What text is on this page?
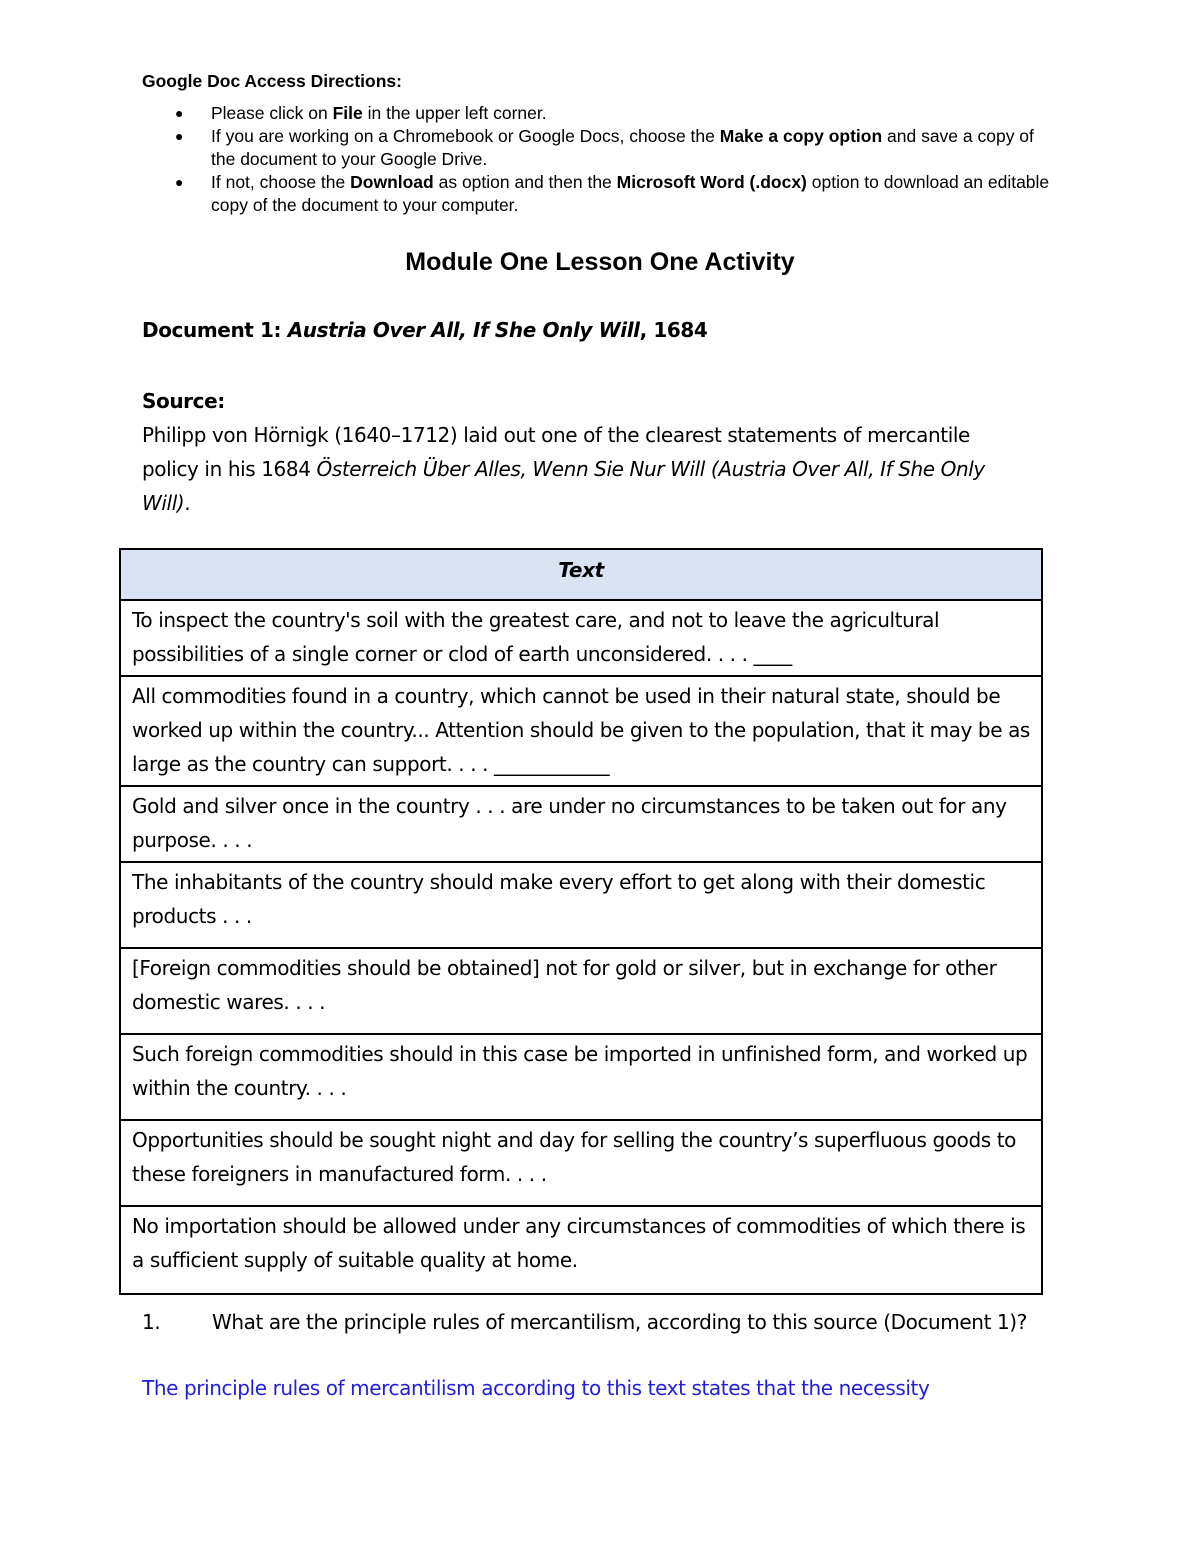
Google Doc Access Directions:
● Please click on File in the upper left corner.
● If you are working on a Chromebook or Google Docs, choose the Make a copy option and save a copy of the document to your Google Drive.
● If not, choose the Download as option and then the Microsoft Word (.docx) option to download an editable copy of the document to your computer.
Module One Lesson One Activity
Document 1: Austria Over All, If She Only Will, 1684
Source:
Philipp von Hörnigk (1640–1712) laid out one of the clearest statements of mercantile policy in his 1684 Österreich Über Alles, Wenn Sie Nur Will (Austria Over All, If She Only Will).
Text
To inspect the country's soil with the greatest care, and not to leave the agricultural possibilities of a single corner or clod of earth unconsidered. . . . ____
All commodities found in a country, which cannot be used in their natural state, should be worked up within the country... Attention should be given to the population, that it may be as large as the country can support. . . . ____________
Gold and silver once in the country . . . are under no circumstances to be taken out for any purpose. . . .
The inhabitants of the country should make every effort to get along with their domestic products . . .
[Foreign commodities should be obtained] not for gold or silver, but in exchange for other domestic wares. . . .
Such foreign commodities should in this case be imported in unfinished form, and worked up within the country. . . .
Opportunities should be sought night and day for selling the country’s superfluous goods to these foreigners in manufactured form. . . .
No importation should be allowed under any circumstances of commodities of which there is a sufficient supply of suitable quality at home.
1.	What are the principle rules of mercantilism, according to this source (Document 1)?
The principle rules of mercantilism according to this text states that the necessity
